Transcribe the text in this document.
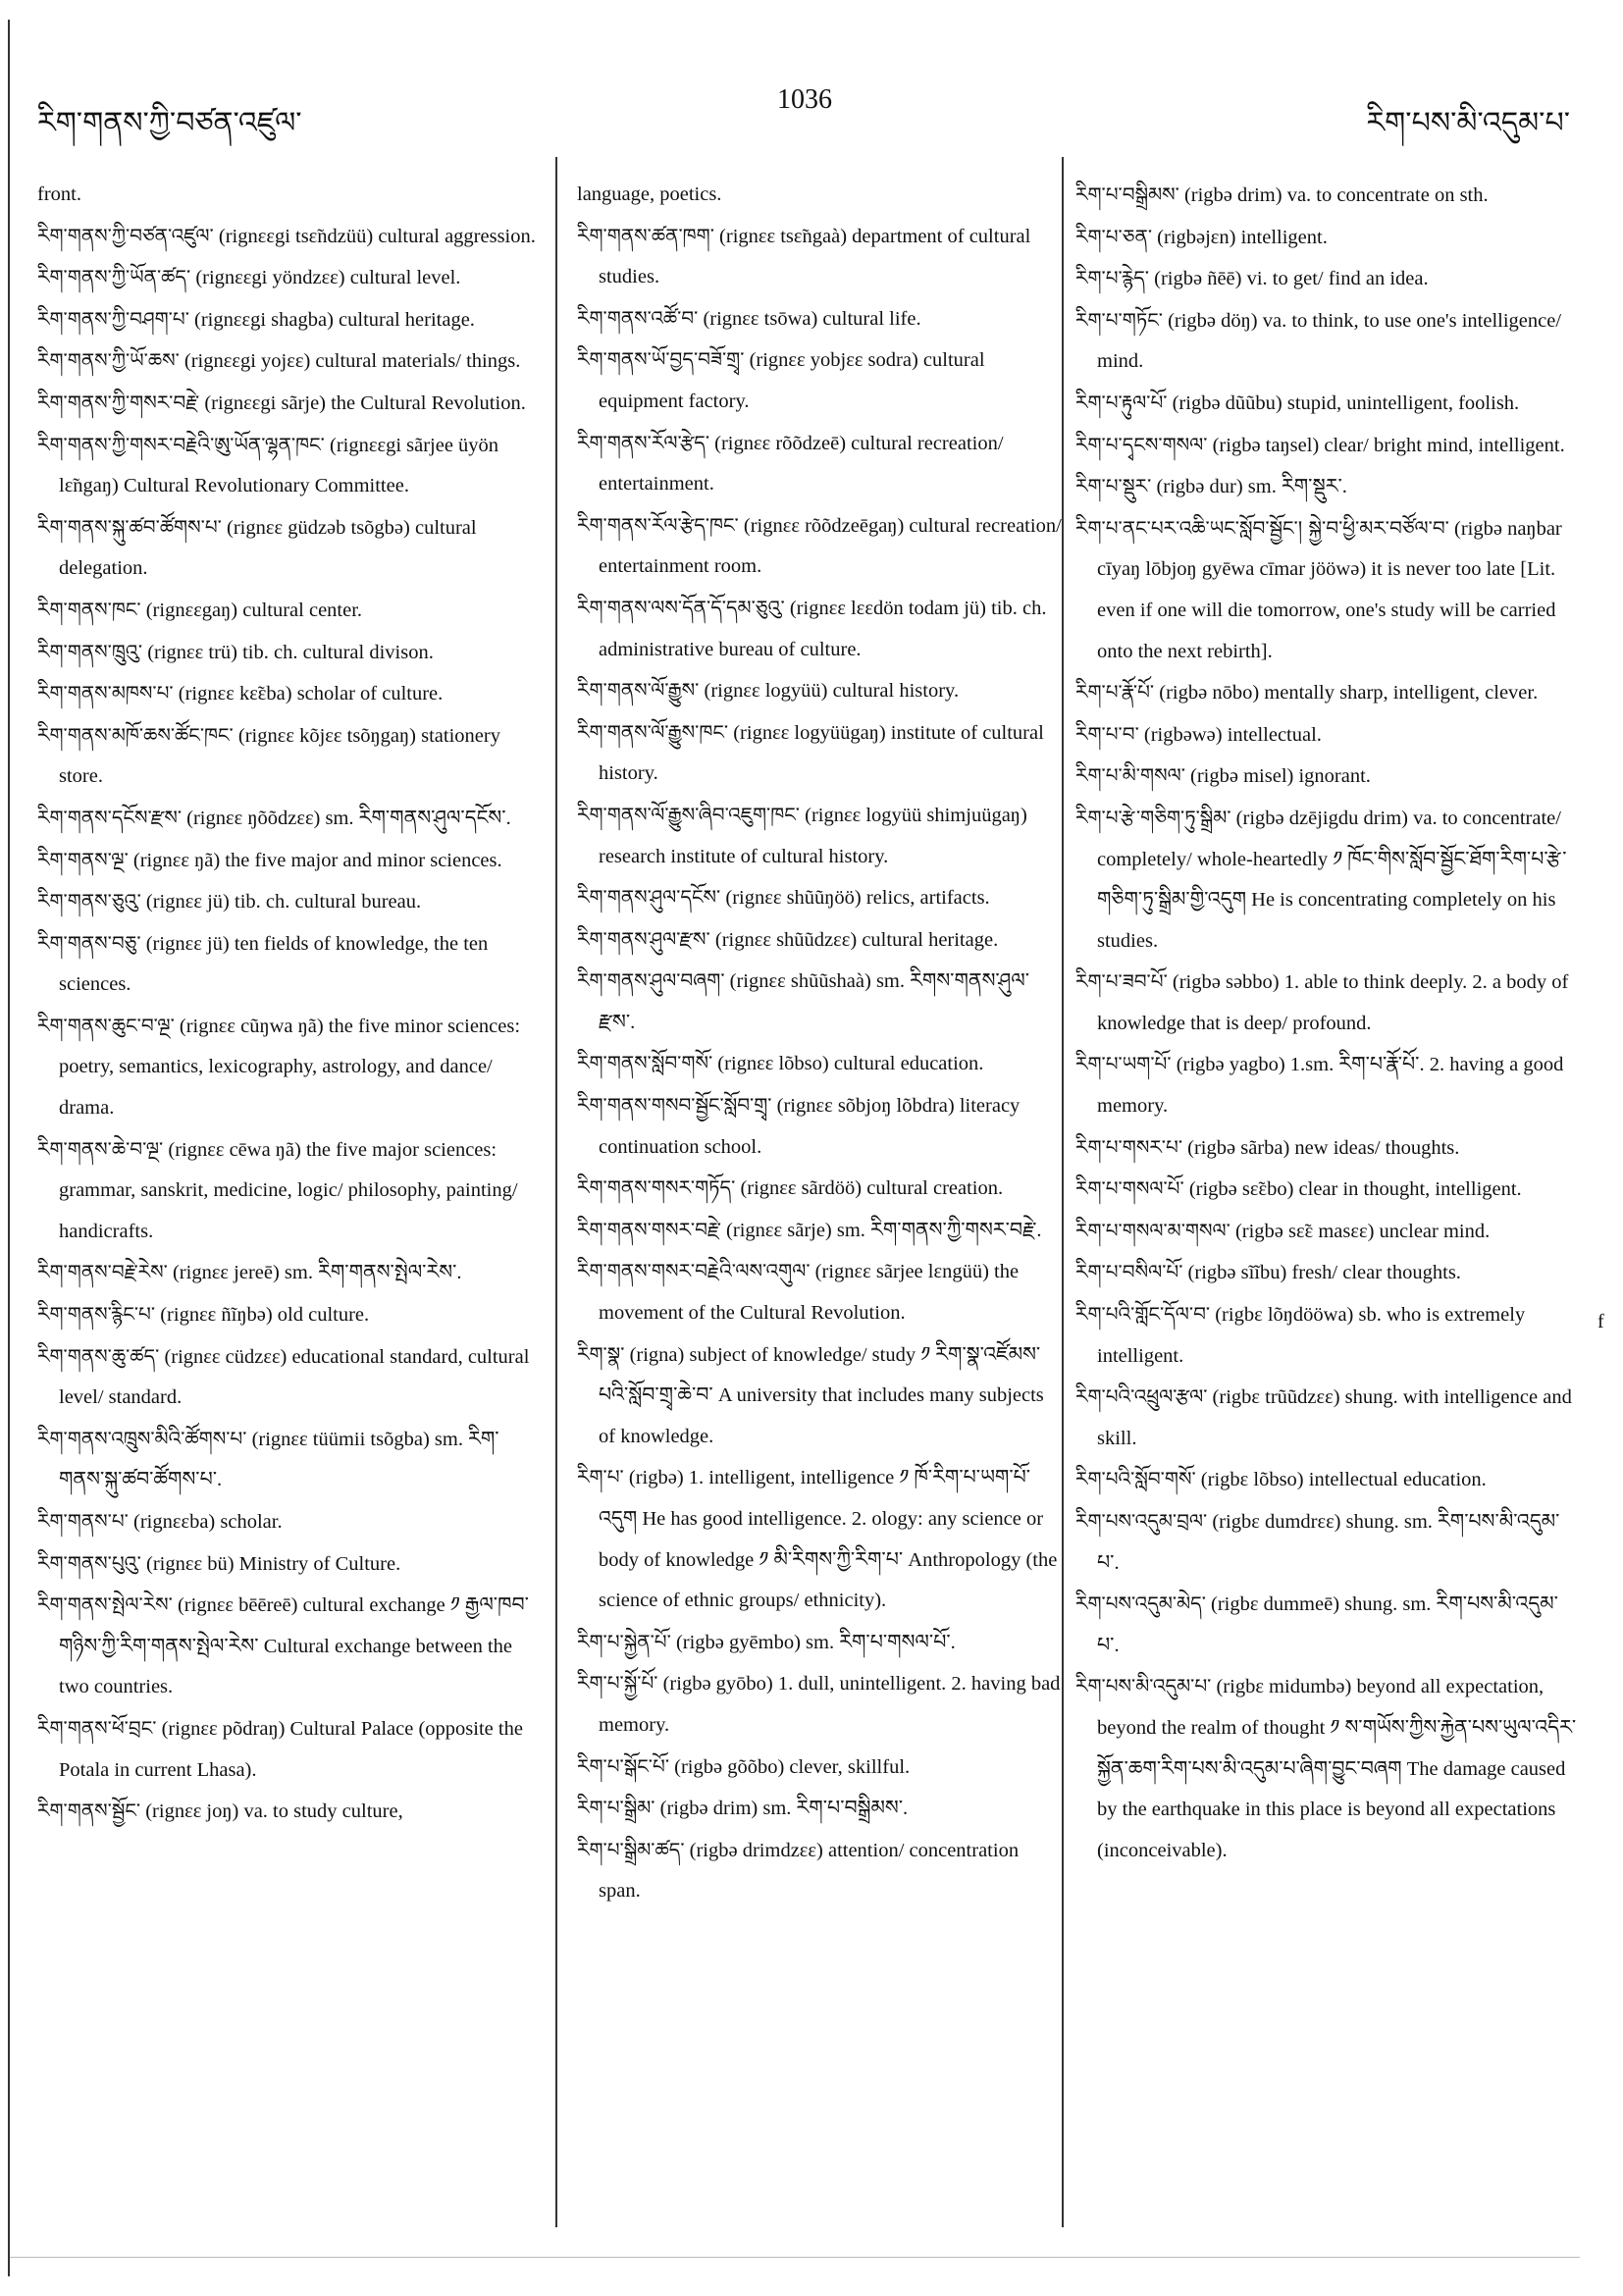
རིག་གནས་ཀྱི་བཙན་འཛུལ་
1036
རིག་པས་མི་འདུམ་པ་

front.

རིག་གནས་ཀྱི་བཙན་འཛུལ་ (rignɛɛgi tsɛ̃ndzüü) cultural aggression.

རིག་གནས་ཀྱི་ཡོན་ཚད་ (rignɛɛgi yöndzɛɛ) cultural level.

རིག་གནས་ཀྱི་བཤག་པ་ (rignɛɛgi shagba) cultural heritage.

རིག་གནས་ཀྱི་ཡོ་ཆས་ (rignɛɛgi yojɛɛ) cultural materials/ things.

རིག་གནས་ཀྱི་གསར་བརྗེ་ (rignɛɛgi sãrje) the Cultural Revolution.

རིག་གནས་ཀྱི་གསར་བརྗེའི་ཨུ་ཡོན་ལྷན་ཁང་ (rignɛɛgi sãrjee üyön lɛ̃ngaŋ) Cultural Revolutionary Committee.

རིག་གནས་སྐུ་ཚབ་ཚོགས་པ་ (rignɛɛ güdzəb tsõgbə) cultural delegation.

རིག་གནས་ཁང་ (rignɛɛgaŋ) cultural center.

རིག་གནས་ཁྲུའུ་ (rignɛɛ trü) tib. ch. cultural divison.

རིག་གནས་མཁས་པ་ (rignɛɛ kɛ̃ɛba) scholar of culture.

རིག་གནས་མཁོ་ཆས་ཚོང་ཁང་ (rignɛɛ kõjɛɛ tsõŋgaŋ) stationery store.

རིག་གནས་དངོས་རྫས་ (rignɛɛ ŋõõdzɛɛ) sm. རིག་གནས་ཤུལ་དངོས་.

རིག་གནས་ལྔ་ (rignɛɛ ŋã) the five major and minor sciences.

རིག་གནས་ཅུའུ་ (rignɛɛ jü) tib. ch. cultural bureau.

རིག་གནས་བཅུ་ (rignɛɛ jü) ten fields of knowledge, the ten sciences.

རིག་གནས་ཆུང་བ་ལྔ་ (rignɛɛ cũŋwa ŋã) the five minor sciences: poetry, semantics, lexicography, astrology, and dance/ drama.

རིག་གནས་ཆེ་བ་ལྔ་ (rignɛɛ cēwa ŋã) the five major sciences: grammar, sanskrit, medicine, logic/ philosophy, painting/ handicrafts.

རིག་གནས་བརྗེ་རེས་ (rignɛɛ jereē) sm. རིག་གནས་སྤེལ་རེས་.

རིག་གནས་རྙིང་པ་ (rignɛɛ ñĩŋbə) old culture.

རིག་གནས་ཆུ་ཚད་ (rignɛɛ cüdzɛɛ) educational standard, cultural level/ standard.

རིག་གནས་འཁྲུས་མིའི་ཚོགས་པ་ (rignɛɛ tüümii tsõgba) sm. རིག་གནས་སྐུ་ཚབ་ཚོགས་པ་.

རིག་གནས་པ་ (rignɛɛba) scholar.

རིག་གནས་པུའུ་ (rignɛɛ bü) Ministry of Culture.

རིག་གནས་སྤེལ་རེས་ (rignɛɛ bēēreē) cultural exchange ༡ རྒྱལ་ཁབ་གཉིས་ཀྱི་རིག་གནས་སྤེལ་རེས་ Cultural exchange between the two countries.

རིག་གནས་ཕོ་བྲང་ (rignɛɛ põdraŋ) Cultural Palace (opposite the Potala in current Lhasa).

རིག་གནས་སྦྱོང་ (rignɛɛ joŋ) va. to study culture,

language, poetics.

རིག་གནས་ཚན་ཁག་ (rignɛɛ tsɛ̃ngaà) department of cultural studies.

རིག་གནས་འཚོ་བ་ (rignɛɛ tsōwa) cultural life.

རིག་གནས་ཡོ་བྱད་བཟོ་གྲྭ་ (rignɛɛ yobjɛɛ sodra) cultural equipment factory.

རིག་གནས་རོལ་རྩེད་ (rignɛɛ rõõdzeē) cultural recreation/ entertainment.

རིག་གནས་རོལ་རྩེད་ཁང་ (rignɛɛ rõõdzeēgaŋ) cultural recreation/ entertainment room.

རིག་གནས་ལས་དོན་དོ་དམ་ཅུའུ་ (rignɛɛ lɛɛdön todam jü) tib. ch. administrative bureau of culture.

རིག་གནས་ལོ་རྒྱུས་ (rignɛɛ logyüü) cultural history.

རིག་གནས་ལོ་རྒྱུས་ཁང་ (rignɛɛ logyüügaŋ) institute of cultural history.

རིག་གནས་ལོ་རྒྱུས་ཞིབ་འཇུག་ཁང་ (rignɛɛ logyüü shimjuügaŋ) research institute of cultural history.

རིག་གནས་ཤུལ་དངོས་ (rignɛɛ shũũŋöö) relics, artifacts.

རིག་གནས་ཤུལ་རྫས་ (rignɛɛ shũũdzɛɛ) cultural heritage.

རིག་གནས་ཤུལ་བཞག་ (rignɛɛ shũũshaà) sm. རིགས་གནས་ཤུལ་རྫས་.

རིག་གནས་སློབ་གསོ་ (rignɛɛ lõbso) cultural education.

རིག་གནས་གསབ་སྦྱོང་སློབ་གྲྭ་ (rignɛɛ sõbjoŋ lõbdra) literacy continuation school.

རིག་གནས་གསར་གཏོད་ (rignɛɛ sãrdöö) cultural creation.

རིག་གནས་གསར་བརྗེ་ (rignɛɛ sãrje) sm. རིག་གནས་ཀྱི་གསར་བརྗེ་.

རིག་གནས་གསར་བརྗེའི་ལས་འགུལ་ (rignɛɛ sãrjee lɛngüü) the movement of the Cultural Revolution.

རིག་སྣ་ (rigna) subject of knowledge/ study ༡ རིག་སྣ་འཛོམས་པའི་སློབ་གྲྭ་ཆེ་བ་ A university that includes many subjects of knowledge.

རིག་པ་ (rigbə) 1. intelligent, intelligence ༡ ཁོ་རིག་པ་ཡག་པོ་འདུག He has good intelligence. 2. ology: any science or body of knowledge ༡ མི་རིགས་ཀྱི་རིག་པ་ Anthropology (the science of ethnic groups/ ethnicity).

རིག་པ་སྐྱེན་པོ་ (rigbə gyēmbo) sm. རིག་པ་གསལ་པོ་.

རིག་པ་སྐྱོ་པོ་ (rigbə gyōbo) 1. dull, unintelligent. 2. having bad memory.

རིག་པ་སྒོང་པོ་ (rigbə gõõbo) clever, skillful.

རིག་པ་སྒྲིམ་ (rigbə drim) sm. རིག་པ་བསྒྲིམས་.

རིག་པ་སྒྲིམ་ཚད་ (rigbə drimdzɛɛ) attention/ concentration span.

རིག་པ་བསྒྲིམས་ (rigbə drim) va. to concentrate on sth.

རིག་པ་ཅན་ (rigbəjɛn) intelligent.

རིག་པ་རྙེད་ (rigbə ñēē) vi. to get/ find an idea.

རིག་པ་གཏོང་ (rigbə döŋ) va. to think, to use one's intelligence/ mind.

རིག་པ་རྟུལ་པོ་ (rigbə dũũbu) stupid, unintelligent, foolish.

རིག་པ་དྭངས་གསལ་ (rigbə taŋsel) clear/ bright mind, intelligent.

རིག་པ་སྡུར་ (rigbə dur) sm. རིག་སྡུར་.

རིག་པ་ནང་པར་འཆི་ཡང་སློབ་སྦྱོང་། སྐྱེ་བ་ཕྱི་མར་བཙོལ་བ་ (rigbə naŋbar cīyaŋ lōbjoŋ gyēwa cīmar jööwə) it is never too late [Lit. even if one will die tomorrow, one's study will be carried onto the next rebirth].

རིག་པ་རྣོ་པོ་ (rigbə nōbo) mentally sharp, intelligent, clever.

རིག་པ་བ་ (rigbəwə) intellectual.

རིག་པ་མི་གསལ་ (rigbə misel) ignorant.

རིག་པ་རྩེ་གཅིག་ཏུ་སྒྲིམ་ (rigbə dzējigdu drim) va. to concentrate/ completely/ whole-heartedly ༡ ཁོང་གིས་སློབ་སྦྱོང་ཐོག་རིག་པ་རྩེ་གཅིག་ཏུ་སྒྲིམ་གྱི་འདུག He is concentrating completely on his studies.

རིག་པ་ཟབ་པོ་ (rigbə səbbo) 1. able to think deeply. 2. a body of knowledge that is deep/ profound.

རིག་པ་ཡག་པོ་ (rigbə yagbo) 1.sm. རིག་པ་རྣོ་པོ་. 2. having a good memory.

རིག་པ་གསར་པ་ (rigbə sãrba) new ideas/ thoughts.

རིག་པ་གསལ་པོ་ (rigbə sɛ̃ɛbo) clear in thought, intelligent.

རིག་པ་གསལ་མ་གསལ་ (rigbə sɛ̃ɛ masɛɛ) unclear mind.

རིག་པ་བསིལ་པོ་ (rigbə sĩĩbu) fresh/ clear thoughts.

རིག་པའི་གློང་དོལ་བ་ (rigbɛ lõŋdööwa) sb. who is extremely intelligent.

རིག་པའི་འཕྲུལ་རྩལ་ (rigbɛ trũũdzɛɛ) shung. with intelligence and skill.

རིག་པའི་སློབ་གསོ་ (rigbɛ lõbso) intellectual education.

རིག་པས་འདུམ་བྲལ་ (rigbɛ dumdrɛɛ) shung. sm. རིག་པས་མི་འདུམ་པ་.

རིག་པས་འདུམ་མེད་ (rigbɛ dummeē) shung. sm. རིག་པས་མི་འདུམ་པ་.

རིག་པས་མི་འདུམ་པ་ (rigbɛ midumbə) beyond all expectation, beyond the realm of thought ༡ ས་གཡོས་ཀྱིས་རྐྱེན་པས་ཡུལ་འདིར་སྐྱོན་ཆག་རིག་པས་མི་འདུམ་པ་ཞིག་བྱུང་བཞག The damage caused by the earthquake in this place is beyond all expectations (inconceivable).

f
